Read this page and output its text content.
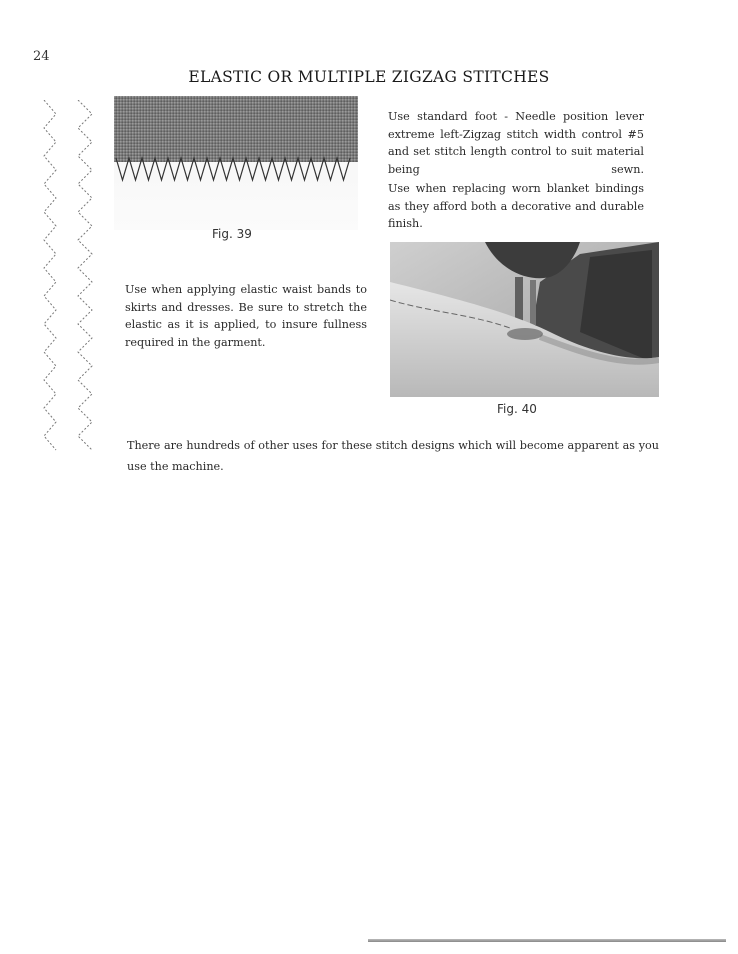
24
ELASTIC OR MULTIPLE ZIGZAG STITCHES
Fig. 39
Use standard foot - Needle position lever extreme left-Zigzag stitch width control #5 and set stitch length control to suit material being sewn.
Use when replacing worn blanket bindings as they afford both a decorative and durable finish.
Fig. 40
Use when applying elastic waist bands to skirts and dresses. Be sure to stretch the elastic as it is applied, to insure fullness required in the garment.
There are hundreds of other uses for these stitch designs which will become apparent as you use the machine.
